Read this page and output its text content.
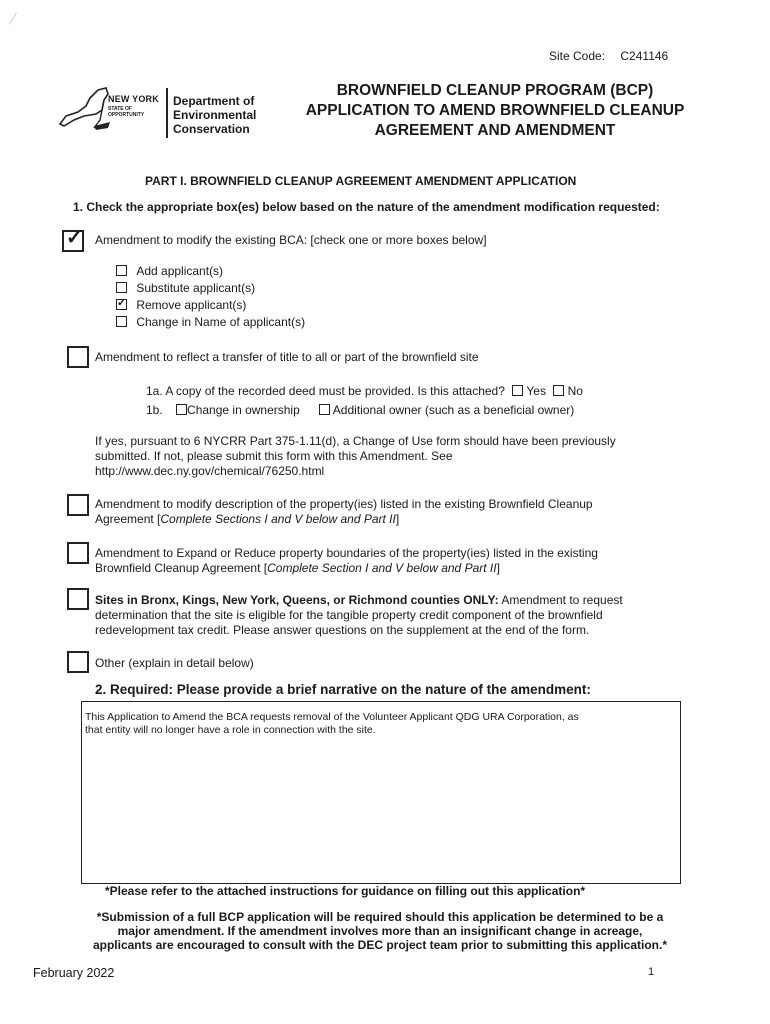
Site Code: C241146
NEW YORK
STATE OF
OPPORTUNITY
Department of
Environmental
Conservation
BROWNFIELD CLEANUP PROGRAM (BCP)
APPLICATION TO AMEND BROWNFIELD CLEANUP
AGREEMENT AND AMENDMENT
PART I. BROWNFIELD CLEANUP AGREEMENT AMENDMENT APPLICATION
1. Check the appropriate box(es) below based on the nature of the amendment modification requested:
✓ Amendment to modify the existing BCA: [check one or more boxes below]
Add applicant(s)
Substitute applicant(s)
✓ Remove applicant(s)
Change in Name of applicant(s)
Amendment to reflect a transfer of title to all or part of the brownfield site
1a. A copy of the recorded deed must be provided. Is this attached? Yes No
1b. Change in ownership	Additional owner (such as a beneficial owner)
If yes, pursuant to 6 NYCRR Part 375-1.11(d), a Change of Use form should have been previously
submitted. If not, please submit this form with this Amendment. See
http://www.dec.ny.gov/chemical/76250.html
Amendment to modify description of the property(ies) listed in the existing Brownfield Cleanup
Agreement [Complete Sections I and V below and Part II]
Amendment to Expand or Reduce property boundaries of the property(ies) listed in the existing
Brownfield Cleanup Agreement [Complete Section I and V below and Part II]
Sites in Bronx, Kings, New York, Queens, or Richmond counties ONLY: Amendment to request
determination that the site is eligible for the tangible property credit component of the brownfield
redevelopment tax credit. Please answer questions on the supplement at the end of the form.
Other (explain in detail below)
2. Required: Please provide a brief narrative on the nature of the amendment:
This Application to Amend the BCA requests removal of the Volunteer Applicant QDG URA Corporation, as
that entity will no longer have a role in connection with the site.
*Please refer to the attached instructions for guidance on filling out this application*
*Submission of a full BCP application will be required should this application be determined to be a
major amendment. If the amendment involves more than an insignificant change in acreage,
applicants are encouraged to consult with the DEC project team prior to submitting this application.*
February 2022	1
